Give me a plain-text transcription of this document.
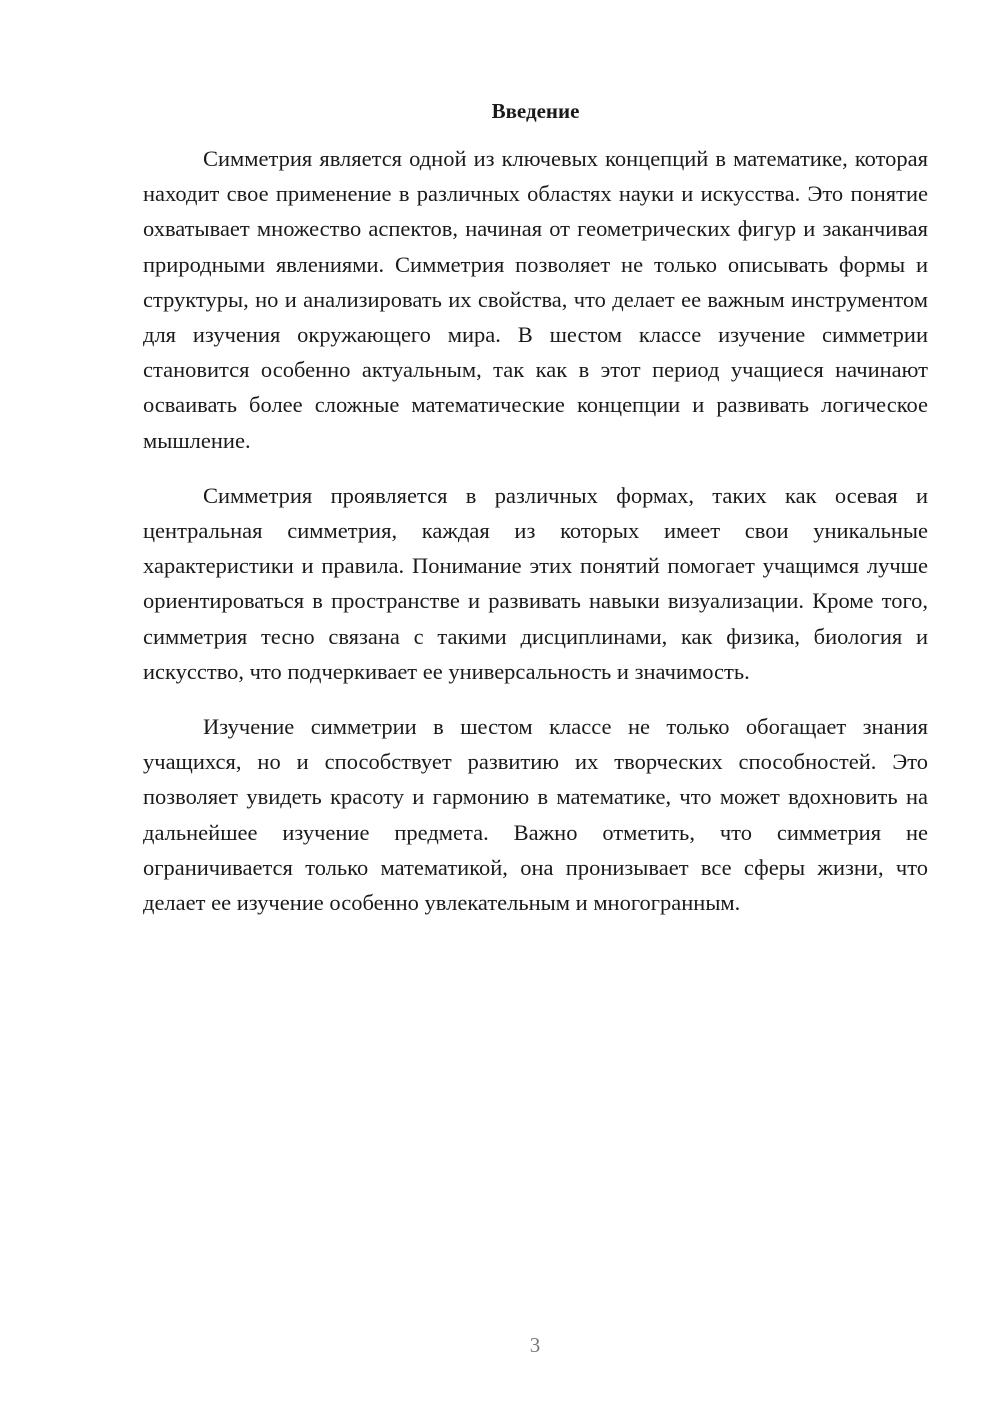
Введение

Симметрия является одной из ключевых концепций в математике, которая находит свое применение в различных областях науки и искусства. Это понятие охватывает множество аспектов, начиная от геометрических фигур и заканчивая природными явлениями. Симметрия позволяет не только описывать формы и структуры, но и анализировать их свойства, что делает ее важным инструментом для изучения окружающего мира. В шестом классе изучение симметрии становится особенно актуальным, так как в этот период учащиеся начинают осваивать более сложные математические концепции и развивать логическое мышление.

Симметрия проявляется в различных формах, таких как осевая и центральная симметрия, каждая из которых имеет свои уникальные характеристики и правила. Понимание этих понятий помогает учащимся лучше ориентироваться в пространстве и развивать навыки визуализации. Кроме того, симметрия тесно связана с такими дисциплинами, как физика, биология и искусство, что подчеркивает ее универсальность и значимость.

Изучение симметрии в шестом классе не только обогащает знания учащихся, но и способствует развитию их творческих способностей. Это позволяет увидеть красоту и гармонию в математике, что может вдохновить на дальнейшее изучение предмета. Важно отметить, что симметрия не ограничивается только математикой, она пронизывает все сферы жизни, что делает ее изучение особенно увлекательным и многогранным.

3
